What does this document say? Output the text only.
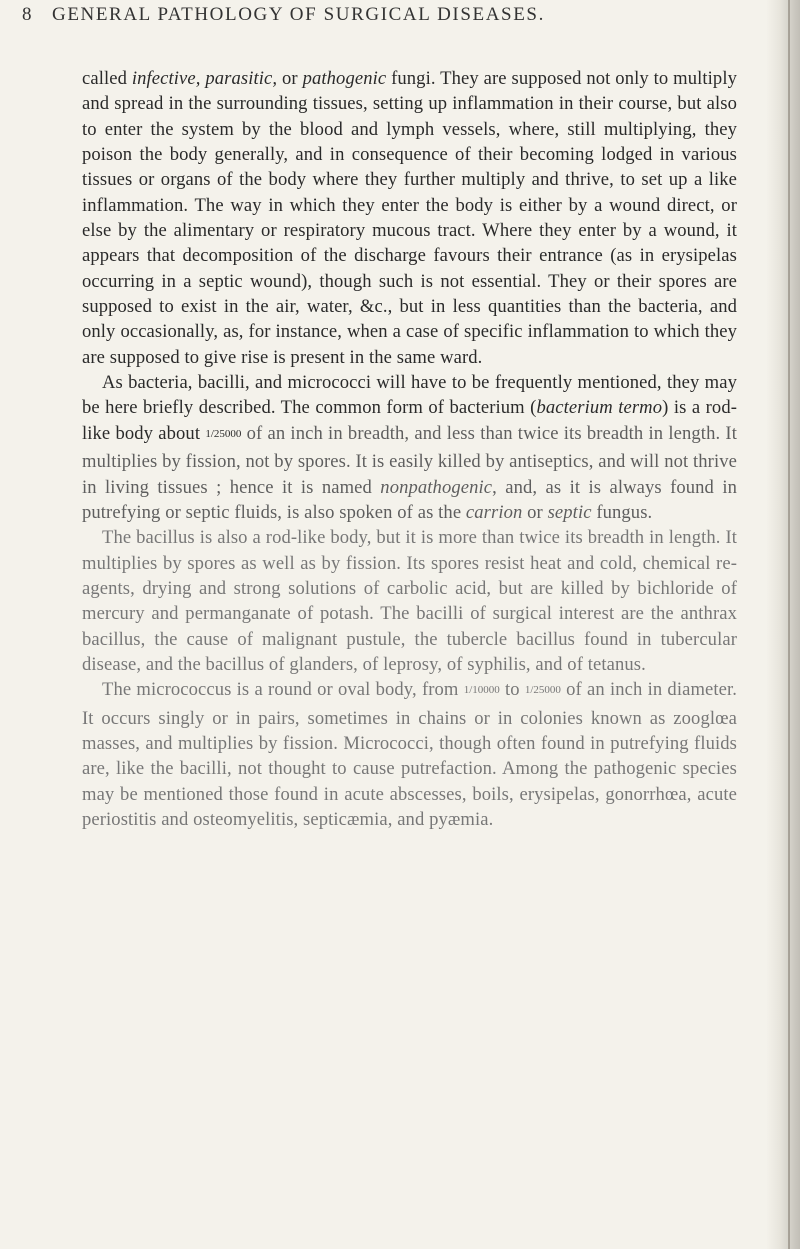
8 GENERAL PATHOLOGY OF SURGICAL DISEASES.

called infective, parasitic, or pathogenic fungi. They are supposed not only to multiply and spread in the surrounding tissues, setting up inflammation in their course, but also to enter the system by the blood and lymph vessels, where, still multiplying, they poison the body generally, and in consequence of their becoming lodged in various tissues or organs of the body where they further multiply and thrive, to set up a like inflammation. The way in which they enter the body is either by a wound direct, or else by the alimentary or respiratory mucous tract. Where they enter by a wound, it appears that decomposition of the discharge favours their entrance (as in erysipelas occurring in a septic wound), though such is not essential. They or their spores are supposed to exist in the air, water, &c., but in less quantities than the bacteria, and only occasionally, as, for instance, when a case of specific inflammation to which they are supposed to give rise is present in the same ward.

As bacteria, bacilli, and micrococci will have to be frequently mentioned, they may be here briefly described. The common form of bacterium (bacterium termo) is a rod-like body about 1/25000 of an inch in breadth, and less than twice its breadth in length. It multiplies by fission, not by spores. It is easily killed by antiseptics, and will not thrive in living tissues ; hence it is named nonpathogenic, and, as it is always found in putrefying or septic fluids, is also spoken of as the carrion or septic fungus.

The bacillus is also a rod-like body, but it is more than twice its breadth in length. It multiplies by spores as well as by fission. Its spores resist heat and cold, chemical re-agents, drying and strong solutions of carbolic acid, but are killed by bichloride of mercury and permanganate of potash. The bacilli of surgical interest are the anthrax bacillus, the cause of malignant pustule, the tubercle bacillus found in tubercular disease, and the bacillus of glanders, of leprosy, of syphilis, and of tetanus.

The micrococcus is a round or oval body, from 1/10000 to 1/25000 of an inch in diameter. It occurs singly or in pairs, sometimes in chains or in colonies known as zooglœa masses, and multiplies by fission. Micrococci, though often found in putrefying fluids are, like the bacilli, not thought to cause putrefaction. Among the pathogenic species may be mentioned those found in acute abscesses, boils, erysipelas, gonorrhœa, acute periostitis and osteomyelitis, septicæmia, and pyæmia.
